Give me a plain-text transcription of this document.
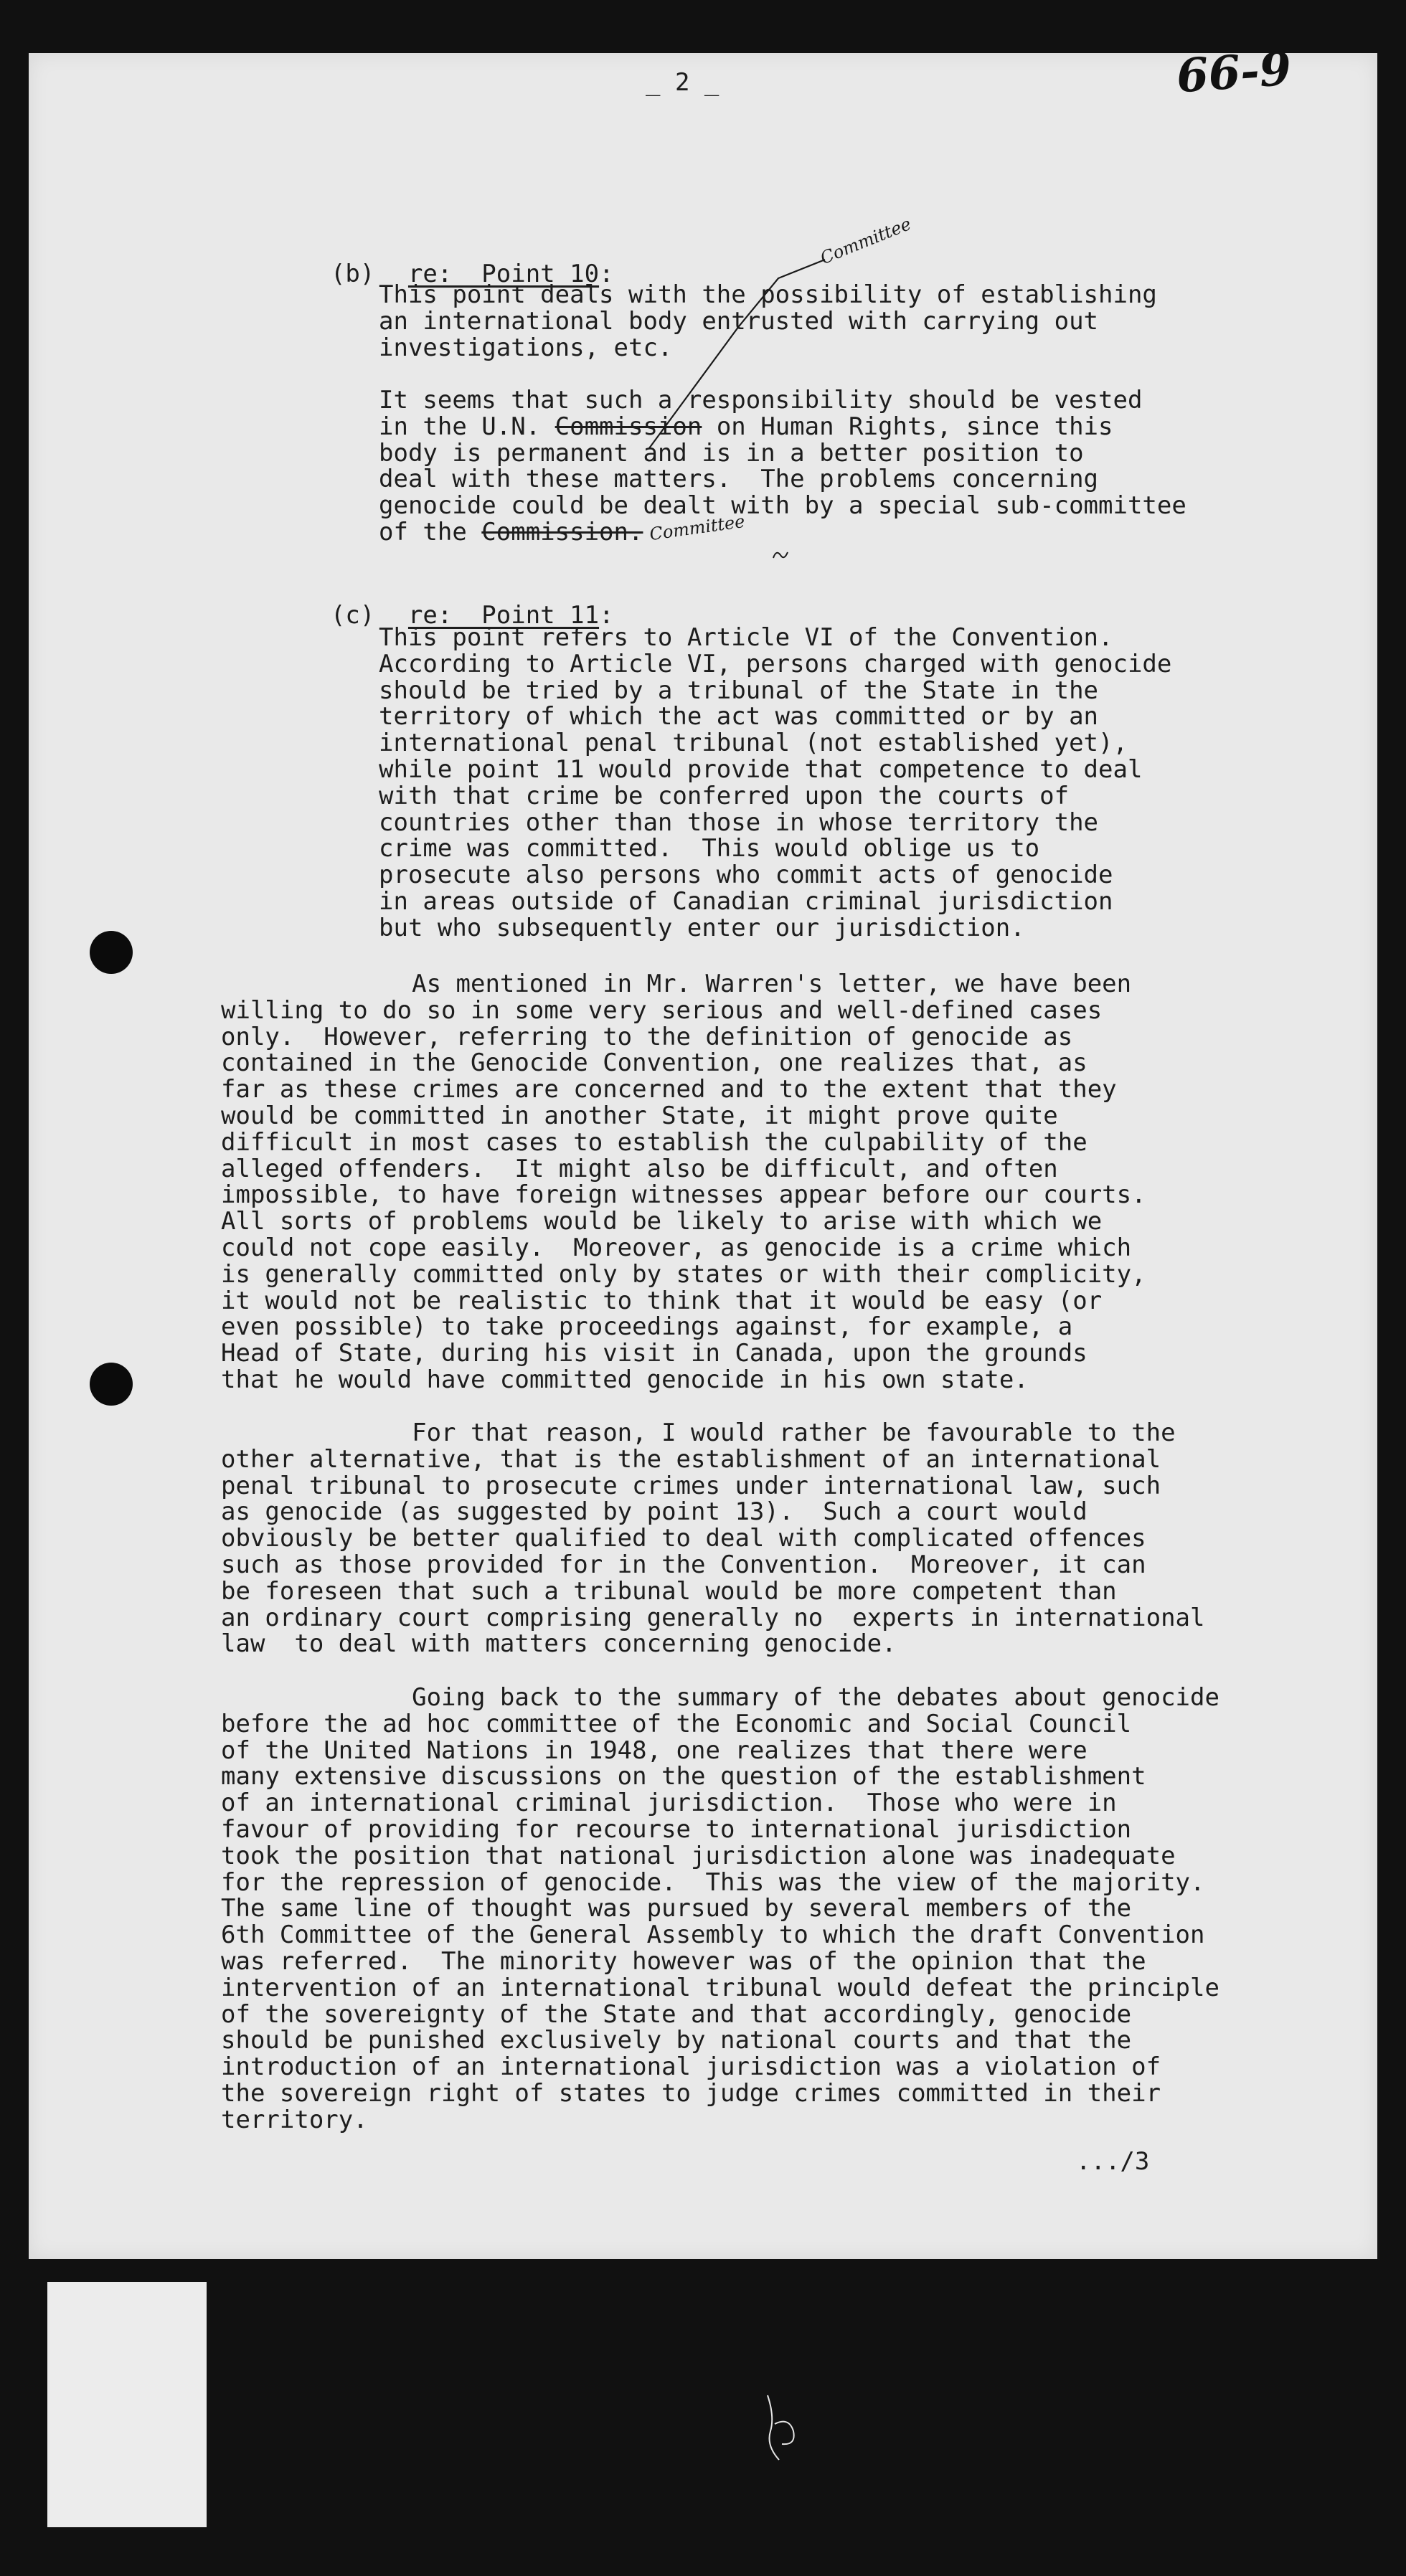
_ 2 _	66-9

(b)	re:  Point 10:

This point deals with the possibility of establishing
an international body entrusted with carrying out
investigations, etc.
It seems that such a responsibility should be vested
in the U.N. Commission on Human Rights, since this
body is permanent and is in a better position to
deal with these matters.  The problems concerning
genocide could be dealt with by a special sub-committee
of the Commission.
Committee
Committee

(c)	re:  Point 11:

This point refers to Article VI of the Convention.
According to Article VI, persons charged with genocide
should be tried by a tribunal of the State in the
territory of which the act was committed or by an
international penal tribunal (not established yet),
while point 11 would provide that competence to deal
with that crime be conferred upon the courts of
countries other than those in whose territory the
crime was committed.  This would oblige us to
prosecute also persons who commit acts of genocide
in areas outside of Canadian criminal jurisdiction
but who subsequently enter our jurisdiction.
As mentioned in Mr. Warren's letter, we have been
willing to do so in some very serious and well-defined cases
only.  However, referring to the definition of genocide as
contained in the Genocide Convention, one realizes that, as
far as these crimes are concerned and to the extent that they
would be committed in another State, it might prove quite
difficult in most cases to establish the culpability of the
alleged offenders.  It might also be difficult, and often
impossible, to have foreign witnesses appear before our courts.
All sorts of problems would be likely to arise with which we
could not cope easily.  Moreover, as genocide is a crime which
is generally committed only by states or with their complicity,
it would not be realistic to think that it would be easy (or
even possible) to take proceedings against, for example, a
Head of State, during his visit in Canada, upon the grounds
that he would have committed genocide in his own state.
For that reason, I would rather be favourable to the
other alternative, that is the establishment of an international
penal tribunal to prosecute crimes under international law, such
as genocide (as suggested by point 13).  Such a court would
obviously be better qualified to deal with complicated offences
such as those provided for in the Convention.  Moreover, it can
be foreseen that such a tribunal would be more competent than
an ordinary court comprising generally no  experts in international
law  to deal with matters concerning genocide.
Going back to the summary of the debates about genocide
before the ad hoc committee of the Economic and Social Council
of the United Nations in 1948, one realizes that there were
many extensive discussions on the question of the establishment
of an international criminal jurisdiction.  Those who were in
favour of providing for recourse to international jurisdiction
took the position that national jurisdiction alone was inadequate
for the repression of genocide.  This was the view of the majority.
The same line of thought was pursued by several members of the
6th Committee of the General Assembly to which the draft Convention
was referred.  The minority however was of the opinion that the
intervention of an international tribunal would defeat the principle
of the sovereignty of the State and that accordingly, genocide
should be punished exclusively by national courts and that the
introduction of an international jurisdiction was a violation of
the sovereign right of states to judge crimes committed in their
territory.
.../3
